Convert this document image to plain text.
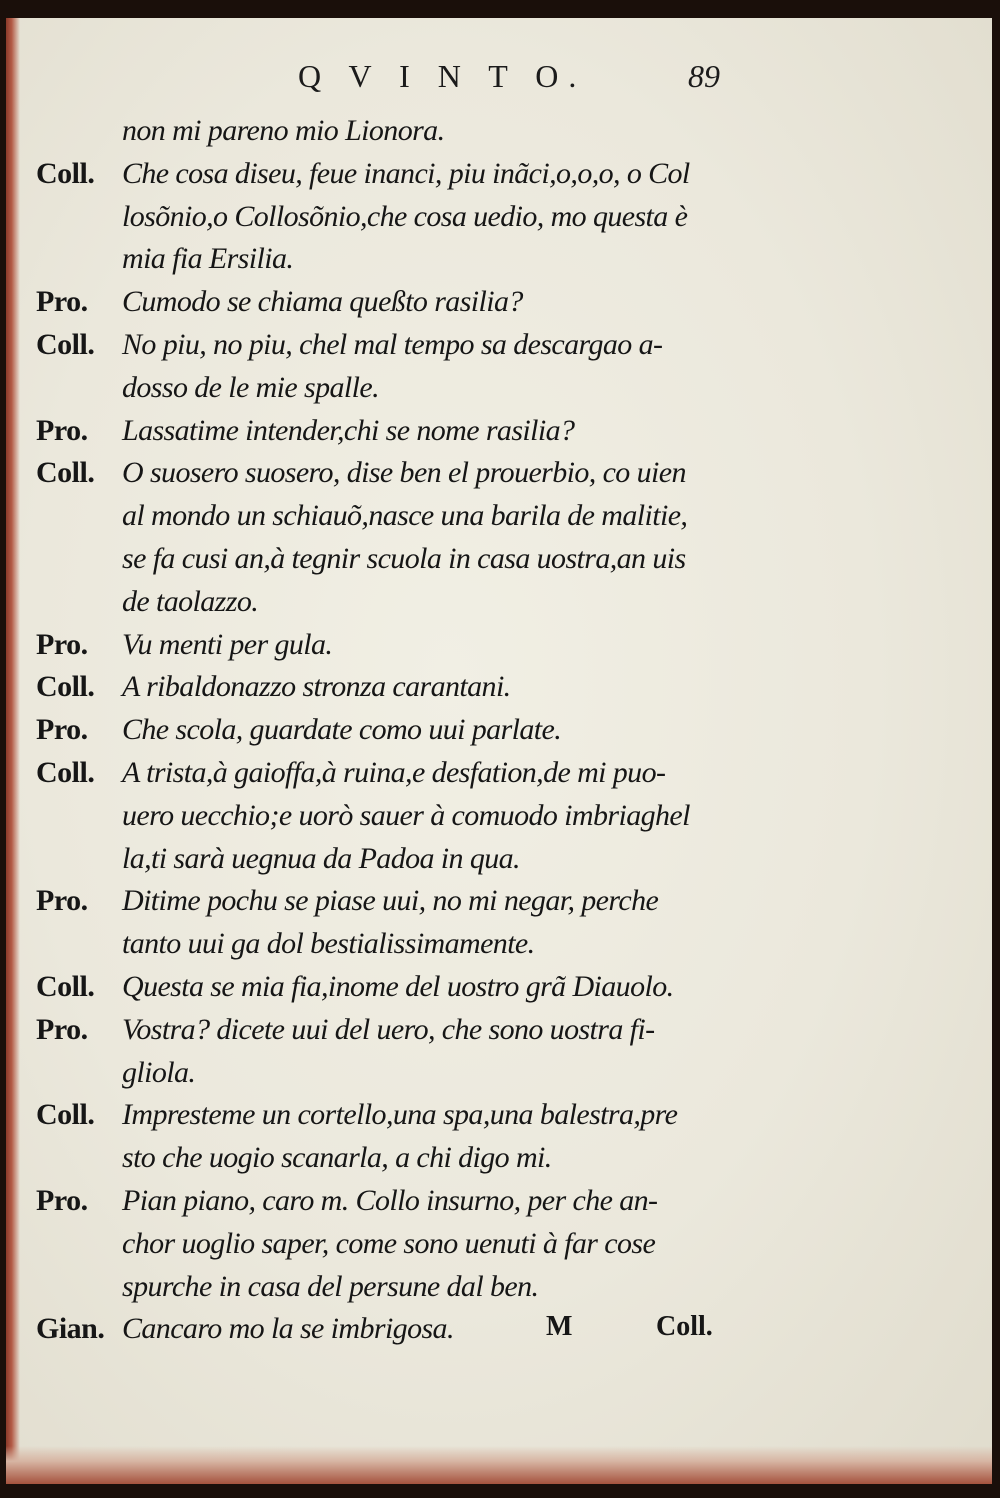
Q V I N T O.	89
non mi pareno mio Lionora.
Coll. Che cosa diseu, feue inanci, piu inãci,o,o,o, o Col
losõnio,o Collosõnio,che cosa uedio, mo questa è
mia fia Ersilia.
Pro. Cumodo se chiama queßto rasilia?
Coll. No piu, no piu, chel mal tempo sa descargao a-
dosso de le mie spalle.
Pro. Lassatime intender,chi se nome rasilia?
Coll. O suosero suosero, dise ben el prouerbio, co uien
al mondo un schiauõ,nasce una barila de malitie,
se fa cusi an,à tegnir scuola in casa uostra,an uis
de taolazzo.
Pro. Vu menti per gula.
Coll. A ribaldonazzo stronza carantani.
Pro. Che scola, guardate como uui parlate.
Coll. A trista,à gaioffa,à ruina,e desfation,de mi puo-
uero uecchio;e uorò sauer à comuodo imbriaghel
la,ti sarà uegnua da Padoa in qua.
Pro. Ditime pochu se piase uui, no mi negar, perche
tanto uui ga dol bestialissimamente.
Coll. Questa se mia fia,inome del uostro grã Diauolo.
Pro. Vostra? dicete uui del uero, che sono uostra fi-
gliola.
Coll. Impresteme un cortello,una spa,una balestra,pre
sto che uogio scanarla, a chi digo mi.
Pro. Pian piano, caro m. Collo insurno, per che an-
chor uoglio saper, come sono uenuti à far cose
spurche in casa del persune dal ben.
Gian. Cancaro mo la se imbrigosa.	M	Coll.
